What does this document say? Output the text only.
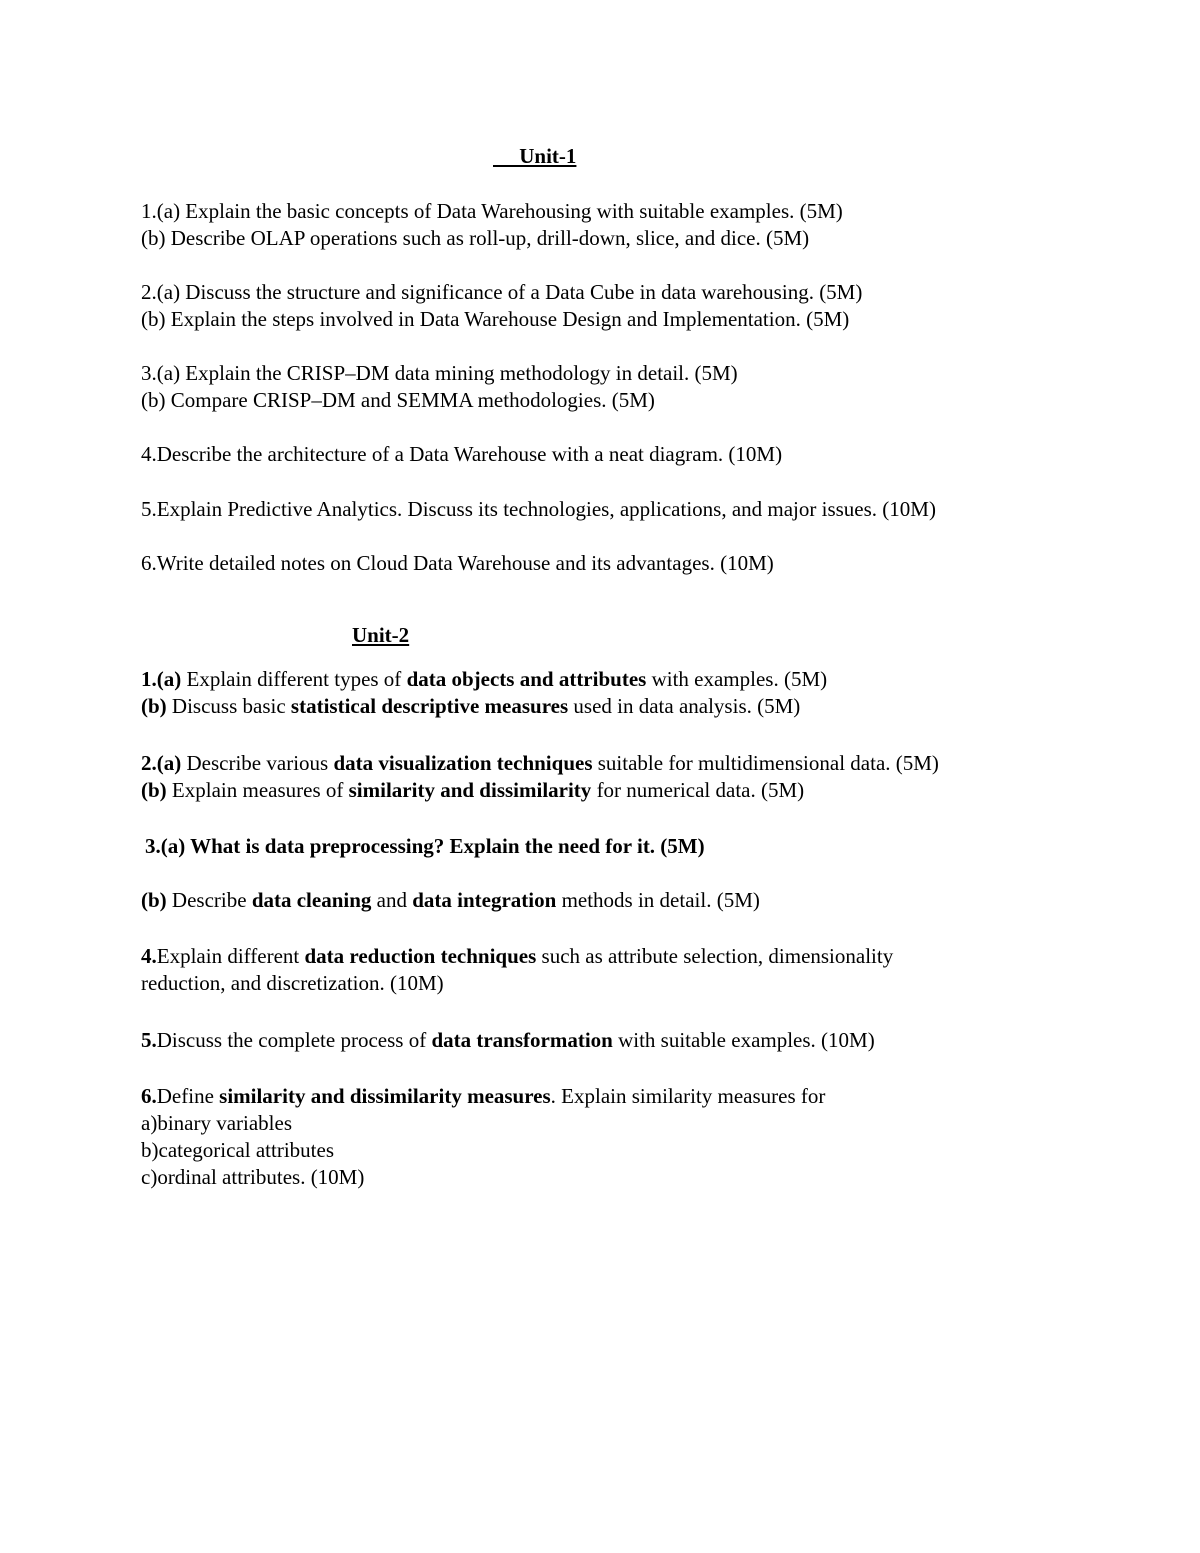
Unit-1
1.(a) Explain the basic concepts of Data Warehousing with suitable examples. (5M)
(b) Describe OLAP operations such as roll-up, drill-down, slice, and dice. (5M)
2.(a) Discuss the structure and significance of a Data Cube in data warehousing. (5M)
(b) Explain the steps involved in Data Warehouse Design and Implementation. (5M)
3.(a) Explain the CRISP–DM data mining methodology in detail. (5M)
(b) Compare CRISP–DM and SEMMA methodologies. (5M)
4.Describe the architecture of a Data Warehouse with a neat diagram. (10M)
5.Explain Predictive Analytics. Discuss its technologies, applications, and major issues. (10M)
6.Write detailed notes on Cloud Data Warehouse and its advantages. (10M)
Unit-2
1.(a) Explain different types of data objects and attributes with examples. (5M)
(b) Discuss basic statistical descriptive measures used in data analysis. (5M)
2.(a) Describe various data visualization techniques suitable for multidimensional data. (5M)
(b) Explain measures of similarity and dissimilarity for numerical data. (5M)
3.(a) What is data preprocessing? Explain the need for it. (5M)
(b) Describe data cleaning and data integration methods in detail. (5M)
4.Explain different data reduction techniques such as attribute selection, dimensionality
reduction, and discretization. (10M)
5.Discuss the complete process of data transformation with suitable examples. (10M)
6.Define similarity and dissimilarity measures. Explain similarity measures for
a)binary variables
b)categorical attributes
c)ordinal attributes. (10M)
